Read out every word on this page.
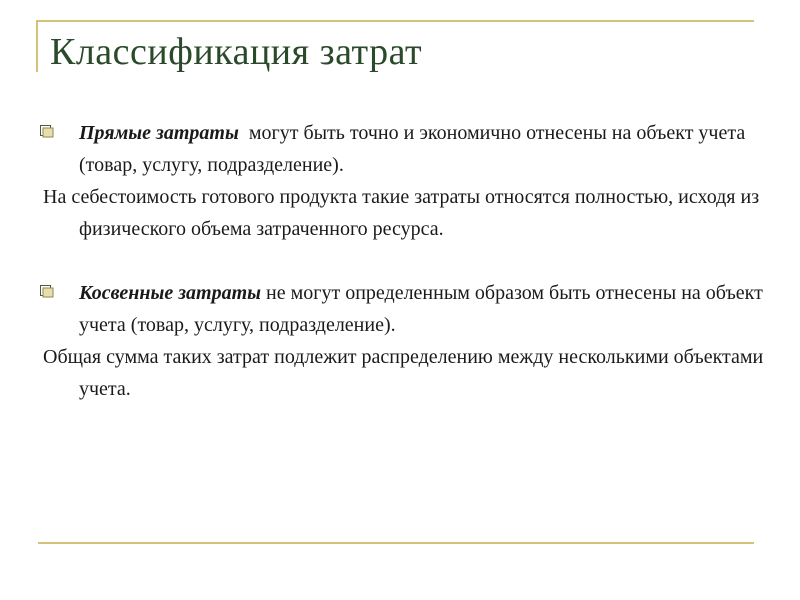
Классификация затрат

Прямые затраты  могут быть точно и экономично отнесены на объект учета (товар, услугу, подразделение).

На себестоимость готового продукта такие затраты относятся полностью, исходя из физического объема затраченного ресурса.

Косвенные затраты не могут определенным образом быть отнесены на объект учета (товар, услугу, подразделение).

Общая сумма таких затрат подлежит распределению между несколькими объектами учета.
